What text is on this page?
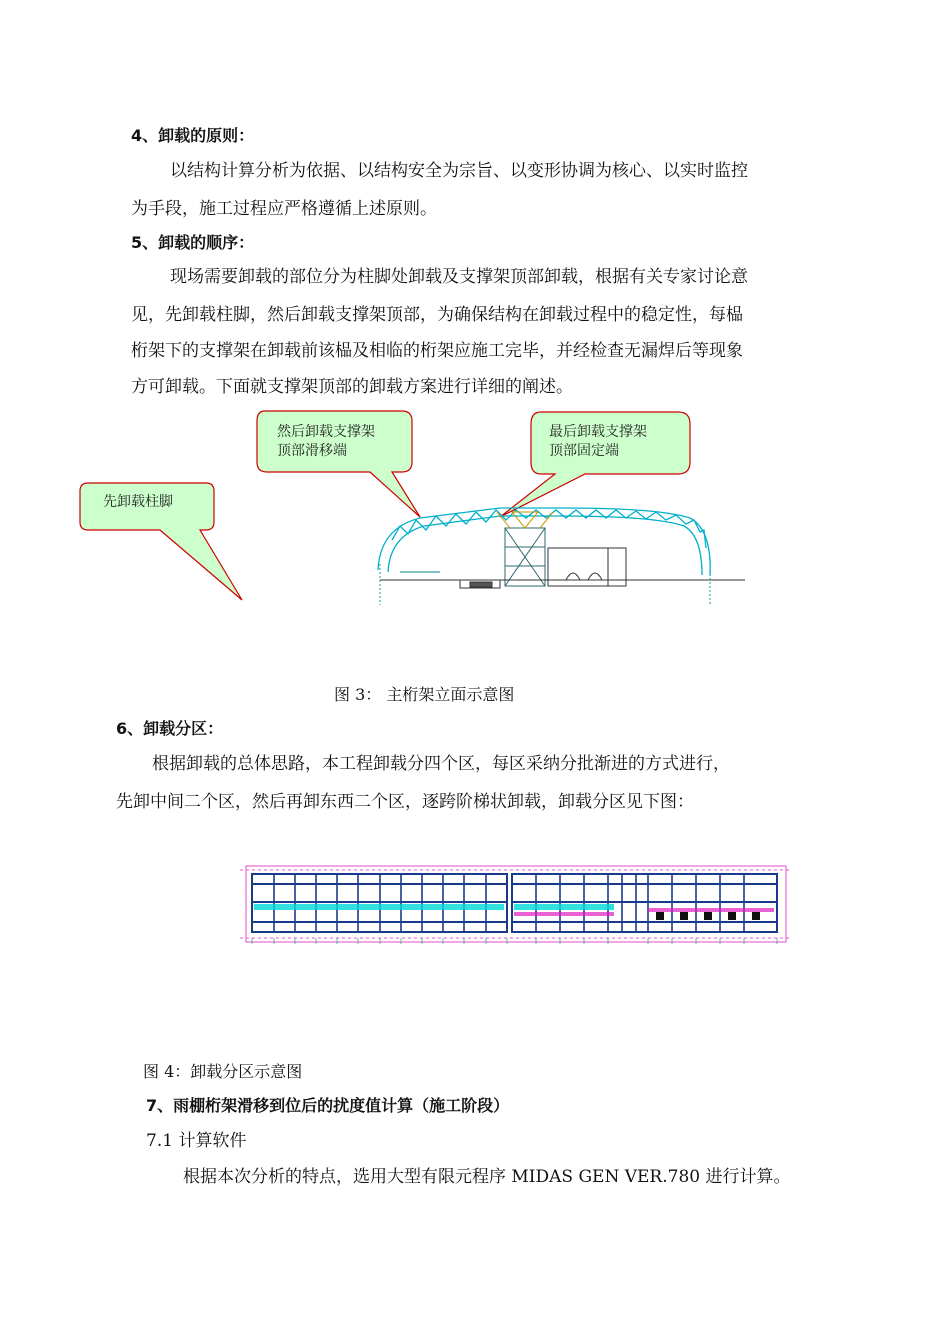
4、卸载的原则：
以结构计算分析为依据、以结构安全为宗旨、以变形协调为核心、以实时监控
为手段，施工过程应严格遵循上述原则。
5、卸载的顺序：
现场需要卸载的部位分为柱脚处卸载及支撑架顶部卸载，根据有关专家讨论意
见，先卸载柱脚，然后卸载支撑架顶部，为确保结构在卸载过程中的稳定性，每榀
桁架下的支撑架在卸载前该榀及相临的桁架应施工完毕，并经检查无漏焊后等现象
方可卸载。下面就支撑架顶部的卸载方案进行详细的阐述。
先卸载柱脚
然后卸载支撑架
顶部滑移端
最后卸载支撑架
顶部固定端
图 3： 主桁架立面示意图
6、卸载分区：
根据卸载的总体思路，本工程卸载分四个区，每区采纳分批渐进的方式进行，
先卸中间二个区，然后再卸东西二个区，逐跨阶梯状卸载，卸载分区见下图：
图 4：卸载分区示意图
7、雨棚桁架滑移到位后的扰度值计算（施工阶段）
7.1 计算软件
根据本次分析的特点，选用大型有限元程序 MIDAS GEN VER.780 进行计算。
